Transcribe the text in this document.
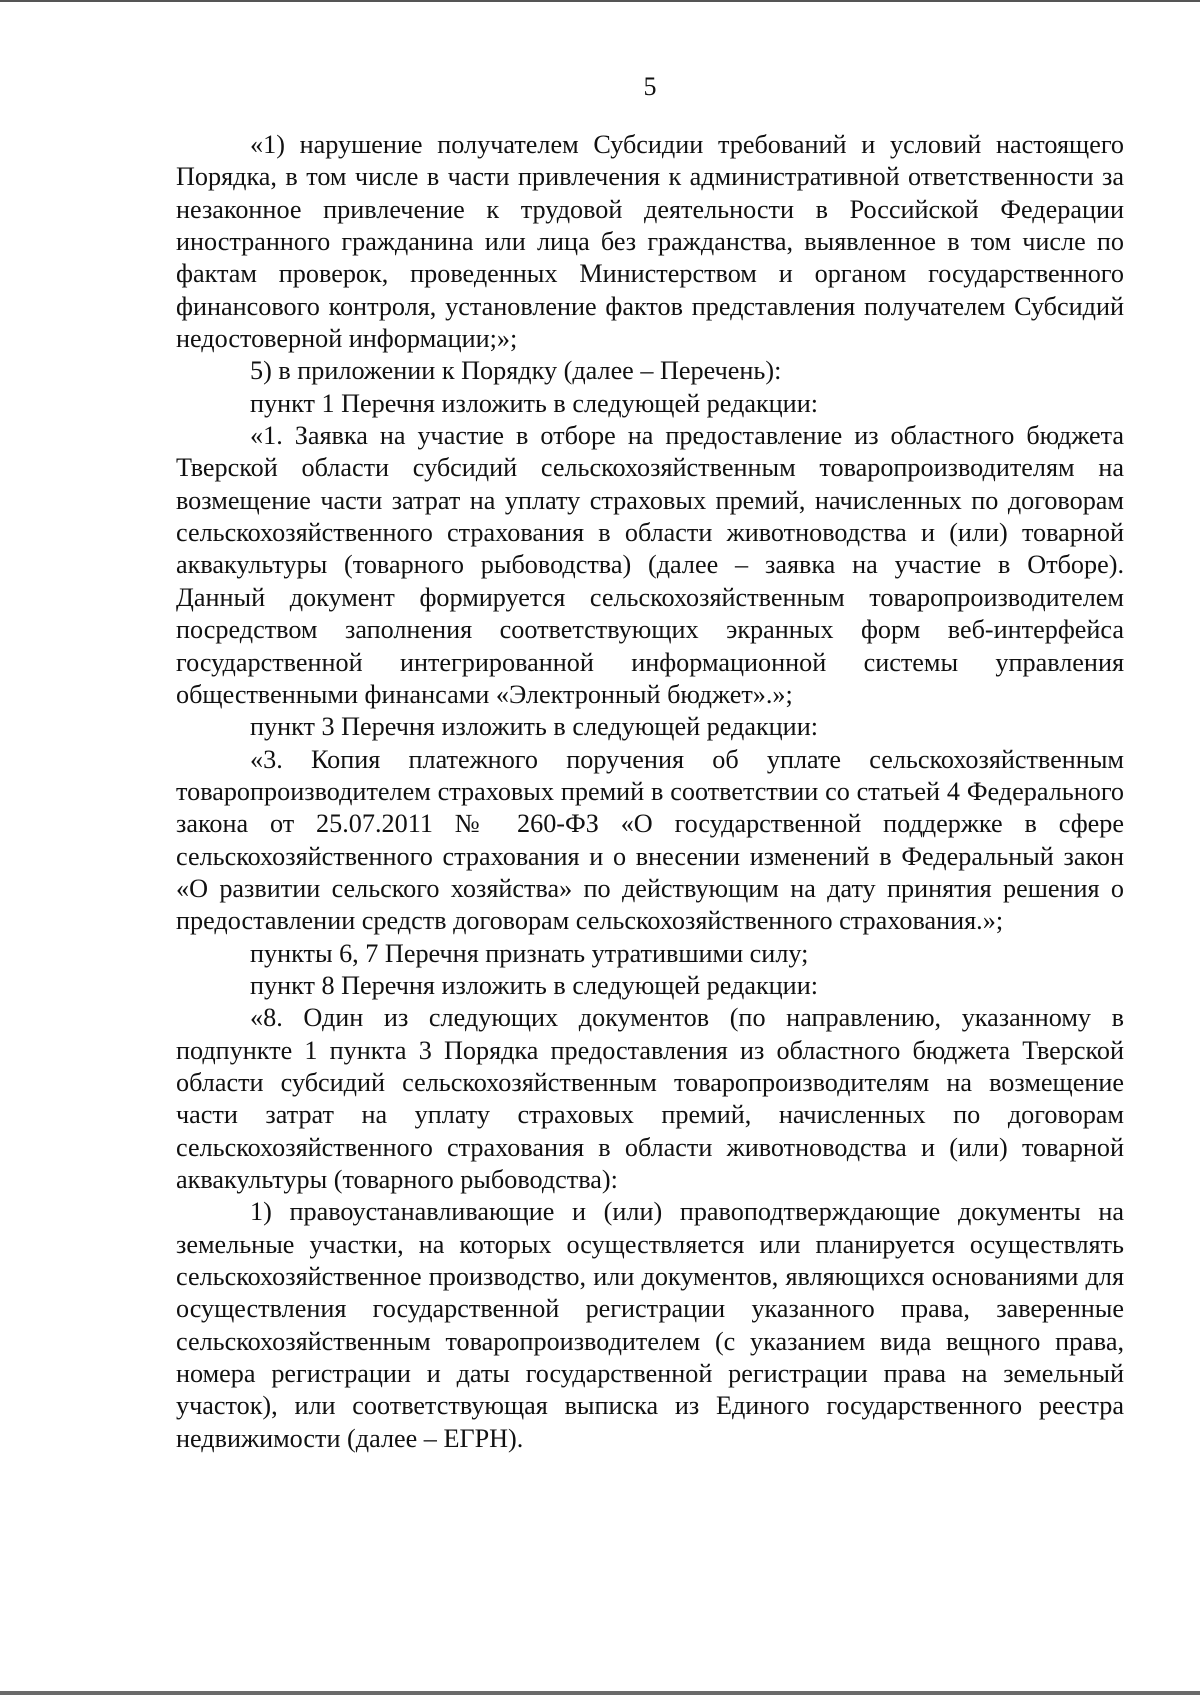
5

«1) нарушение получателем Субсидии требований и условий настоящего Порядка, в том числе в части привлечения к административной ответственности за незаконное привлечение к трудовой деятельности в Российской Федерации иностранного гражданина или лица без гражданства, выявленное в том числе по фактам проверок, проведенных Министерством и органом государственного финансового контроля, установление фактов представления получателем Субсидий недостоверной информации;»;

5) в приложении к Порядку (далее – Перечень):

пункт 1 Перечня изложить в следующей редакции:

«1. Заявка на участие в отборе на предоставление из областного бюджета Тверской области субсидий сельскохозяйственным товаропроизводителям на возмещение части затрат на уплату страховых премий, начисленных по договорам сельскохозяйственного страхования в области животноводства и (или) товарной аквакультуры (товарного рыбоводства) (далее – заявка на участие в Отборе). Данный документ формируется сельскохозяйственным товаропроизводителем посредством заполнения соответствующих экранных форм веб-интерфейса государственной интегрированной информационной системы управления общественными финансами «Электронный бюджет».»;

пункт 3 Перечня изложить в следующей редакции:

«3. Копия платежного поручения об уплате сельскохозяйственным товаропроизводителем страховых премий в соответствии со статьей 4 Федерального закона от 25.07.2011 № 260-ФЗ «О государственной поддержке в сфере сельскохозяйственного страхования и о внесении изменений в Федеральный закон «О развитии сельского хозяйства» по действующим на дату принятия решения о предоставлении средств договорам сельскохозяйственного страхования.»;

пункты 6, 7 Перечня признать утратившими силу;

пункт 8 Перечня изложить в следующей редакции:

«8. Один из следующих документов (по направлению, указанному в подпункте 1 пункта 3 Порядка предоставления из областного бюджета Тверской области субсидий сельскохозяйственным товаропроизводителям на возмещение части затрат на уплату страховых премий, начисленных по договорам сельскохозяйственного страхования в области животноводства и (или) товарной аквакультуры (товарного рыбоводства):

1) правоустанавливающие и (или) правоподтверждающие документы на земельные участки, на которых осуществляется или планируется осуществлять сельскохозяйственное производство, или документов, являющихся основаниями для осуществления государственной регистрации указанного права, заверенные сельскохозяйственным товаропроизводителем (с указанием вида вещного права, номера регистрации и даты государственной регистрации права на земельный участок), или соответствующая выписка из Единого государственного реестра недвижимости (далее – ЕГРН).
